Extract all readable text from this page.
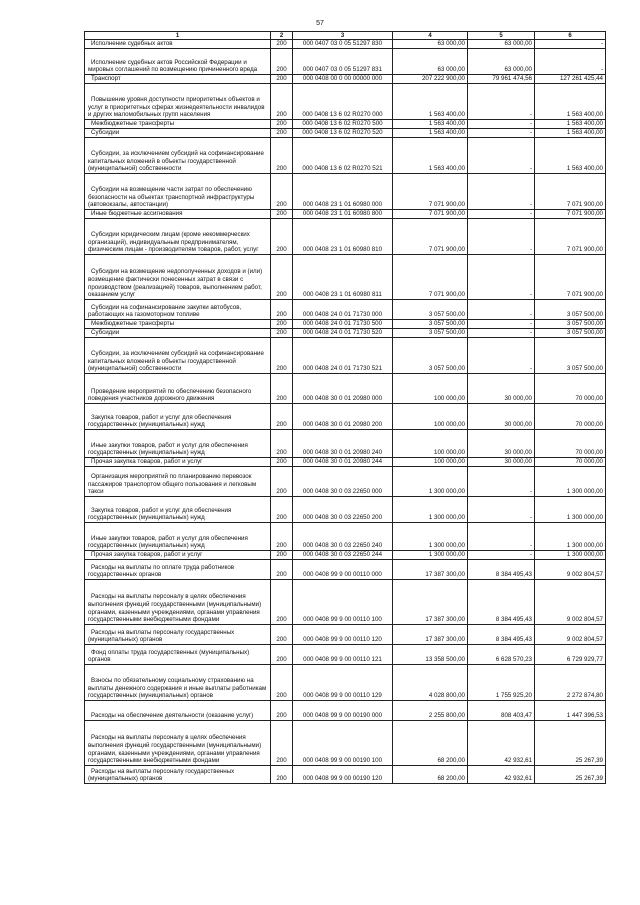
57
1	2	3	4	5	6
Исполнение судебных актов	200	000 0407 03 0 05 51297 830	63 000,00	63 000,00	-
Исполнение судебных актов Российской Федерации и мировых соглашений по возмещению причиненного вреда	200	000 0407 03 0 05 51297 831	63 000,00	63 000,00	-
Транспорт	200	000 0408 00 0 00 00000 000	207 222 900,00	79 961 474,56	127 261 425,44
Повышение уровня доступности приоритетных объектов и услуг в приоритетных сферах жизнедеятельности инвалидов и других маломобильных групп населения	200	000 0408 13 6 02 R0270 000	1 563 400,00	-	1 563 400,00
Межбюджетные трансферты	200	000 0408 13 6 02 R0270 500	1 563 400,00	-	1 563 400,00
Субсидии	200	000 0408 13 6 02 R0270 520	1 563 400,00	-	1 563 400,00
Субсидии, за исключением субсидий на софинансирование капитальных вложений в объекты государственной (муниципальной) собственности	200	000 0408 13 6 02 R0270 521	1 563 400,00	-	1 563 400,00
Субсидии на возмещение части затрат по обеспечению безопасности на объектах транспортной инфраструктуры (автовокзалы, автостанции)	200	000 0408 23 1 01 60980 000	7 071 900,00	-	7 071 900,00
Иные бюджетные ассигнования	200	000 0408 23 1 01 60980 800	7 071 900,00	-	7 071 900,00
Субсидии юридическим лицам (кроме некоммерческих организаций), индивидуальным предпринимателям, физическим лицам - производителям товаров, работ, услуг	200	000 0408 23 1 01 60980 810	7 071 900,00	-	7 071 900,00
Субсидии на возмещение недополученных доходов и (или) возмещение фактически понесенных затрат в связи с производством (реализацией) товаров, выполнением работ, оказанием услуг	200	000 0408 23 1 01 60980 811	7 071 900,00	-	7 071 900,00
Субсидии на софинансирование закупки автобусов, работающих на газомоторном топливе	200	000 0408 24 0 01 71730 000	3 057 500,00	-	3 057 500,00
Межбюджетные трансферты	200	000 0408 24 0 01 71730 500	3 057 500,00	-	3 057 500,00
Субсидии	200	000 0408 24 0 01 71730 520	3 057 500,00	-	3 057 500,00
Субсидии, за исключением субсидий на софинансирование капитальных вложений в объекты государственной (муниципальной) собственности	200	000 0408 24 0 01 71730 521	3 057 500,00	-	3 057 500,00
Проведение мероприятий по обеспечению безопасного поведения участников дорожного движения	200	000 0408 30 0 01 20980 000	100 000,00	30 000,00	70 000,00
Закупка товаров, работ и услуг для обеспечения государственных (муниципальных) нужд	200	000 0408 30 0 01 20980 200	100 000,00	30 000,00	70 000,00
Иные закупки товаров, работ и услуг для обеспечения государственных (муниципальных) нужд	200	000 0408 30 0 01 20980 240	100 000,00	30 000,00	70 000,00
Прочая закупка товаров, работ и услуг	200	000 0408 30 0 01 20980 244	100 000,00	30 000,00	70 000,00
Организация мероприятий по планированию перевозок пассажиров транспортом общего пользования и легковым такси	200	000 0408 30 0 03 22650 000	1 300 000,00	-	1 300 000,00
Закупка товаров, работ и услуг для обеспечения государственных (муниципальных) нужд	200	000 0408 30 0 03 22650 200	1 300 000,00	-	1 300 000,00
Иные закупки товаров, работ и услуг для обеспечения государственных (муниципальных) нужд	200	000 0408 30 0 03 22650 240	1 300 000,00	-	1 300 000,00
Прочая закупка товаров, работ и услуг	200	000 0408 30 0 03 22650 244	1 300 000,00	-	1 300 000,00
Расходы на выплаты по оплате труда работников государственных органов	200	000 0408 99 9 00 00110 000	17 387 300,00	8 384 495,43	9 002 804,57
Расходы на выплаты персоналу в целях обеспечения выполнения функций государственными (муниципальными) органами, казенными учреждениями, органами управления государственными внебюджетными фондами	200	000 0408 99 9 00 00110 100	17 387 300,00	8 384 495,43	9 002 804,57
Расходы на выплаты персоналу государственных (муниципальных) органов	200	000 0408 99 9 00 00110 120	17 387 300,00	8 384 495,43	9 002 804,57
Фонд оплаты труда государственных (муниципальных) органов	200	000 0408 99 9 00 00110 121	13 358 500,00	6 628 570,23	6 729 929,77
Взносы по обязательному социальному страхованию на выплаты денежного содержания и иные выплаты работникам государственных (муниципальных) органов	200	000 0408 99 9 00 00110 129	4 028 800,00	1 755 925,20	2 272 874,80
Расходы на обеспечение деятельности (оказание услуг)	200	000 0408 99 9 00 00190 000	2 255 800,00	808 403,47	1 447 396,53
Расходы на выплаты персоналу в целях обеспечения выполнения функций государственными (муниципальными) органами, казенными учреждениями, органами управления государственными внебюджетными фондами	200	000 0408 99 9 00 00190 100	68 200,00	42 932,61	25 267,39
Расходы на выплаты персоналу государственных (муниципальных) органов	200	000 0408 99 9 00 00190 120	68 200,00	42 932,61	25 267,39
